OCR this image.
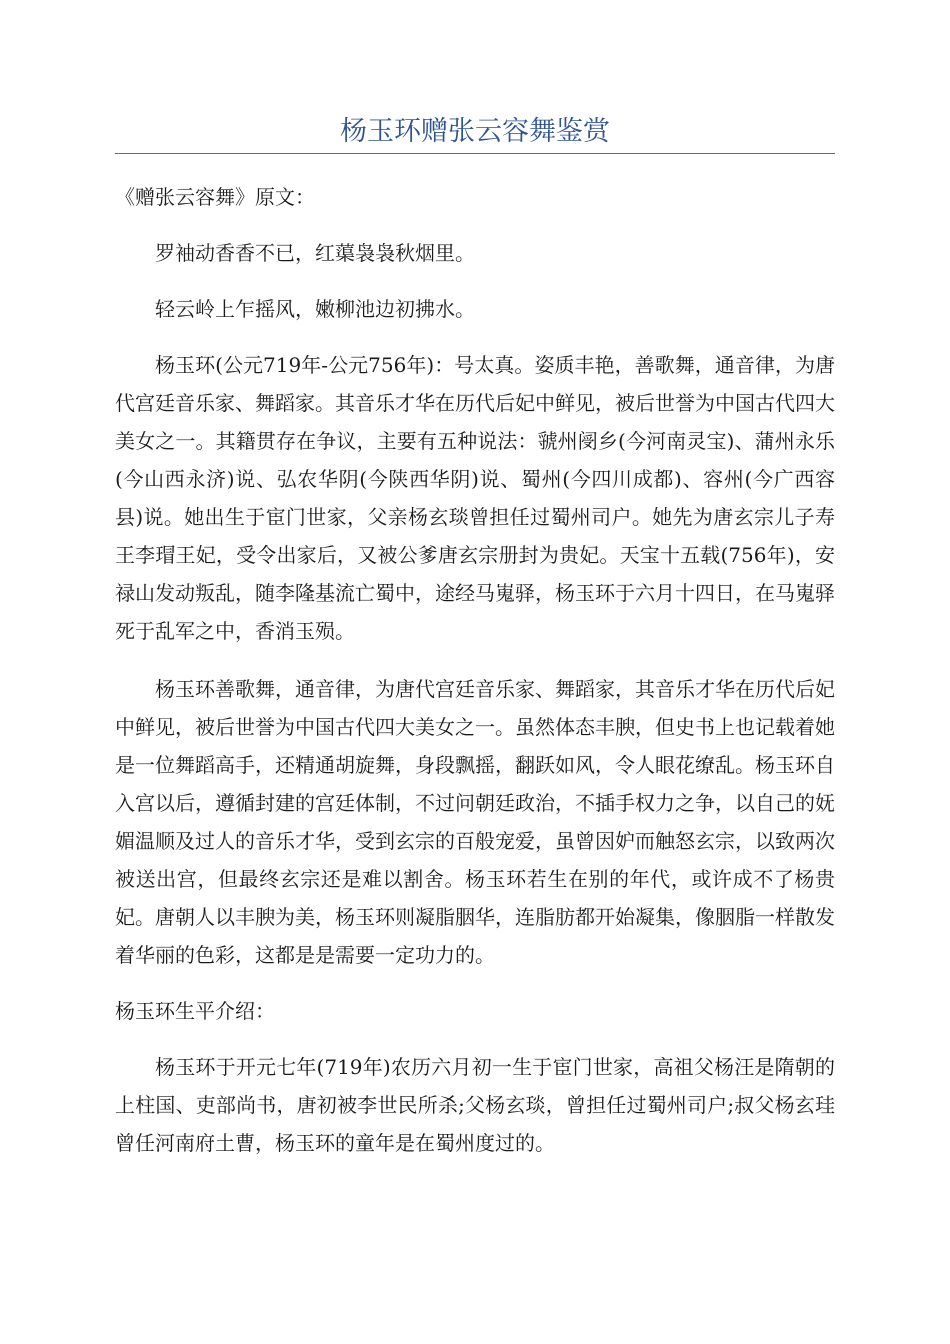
杨玉环赠张云容舞鉴赏

《赠张云容舞》原文：

罗袖动香香不已，红蕖袅袅秋烟里。

轻云岭上乍摇风，嫩柳池边初拂水。

杨玉环(公元719年-公元756年)：号太真。姿质丰艳，善歌舞，通音律，为唐代宫廷音乐家、舞蹈家。其音乐才华在历代后妃中鲜见，被后世誉为中国古代四大美女之一。其籍贯存在争议，主要有五种说法：虢州阌乡(今河南灵宝)、蒲州永乐(今山西永济)说、弘农华阴(今陕西华阴)说、蜀州(今四川成都)、容州(今广西容县)说。她出生于宦门世家，父亲杨玄琰曾担任过蜀州司户。她先为唐玄宗儿子寿王李瑁王妃，受令出家后，又被公爹唐玄宗册封为贵妃。天宝十五载(756年)，安禄山发动叛乱，随李隆基流亡蜀中，途经马嵬驿，杨玉环于六月十四日，在马嵬驿死于乱军之中，香消玉殒。

杨玉环善歌舞，通音律，为唐代宫廷音乐家、舞蹈家，其音乐才华在历代后妃中鲜见，被后世誉为中国古代四大美女之一。虽然体态丰腴，但史书上也记载着她是一位舞蹈高手，还精通胡旋舞，身段飘摇，翻跃如风，令人眼花缭乱。杨玉环自入宫以后，遵循封建的宫廷体制，不过问朝廷政治，不插手权力之争，以自己的妩媚温顺及过人的音乐才华，受到玄宗的百般宠爱，虽曾因妒而触怒玄宗，以致两次被送出宫，但最终玄宗还是难以割舍。杨玉环若生在别的年代，或许成不了杨贵妃。唐朝人以丰腴为美，杨玉环则凝脂胭华，连脂肪都开始凝集，像胭脂一样散发着华丽的色彩，这都是是需要一定功力的。

杨玉环生平介绍：

杨玉环于开元七年(719年)农历六月初一生于宦门世家，高祖父杨汪是隋朝的上柱国、吏部尚书，唐初被李世民所杀;父杨玄琰，曾担任过蜀州司户;叔父杨玄珪曾任河南府土曹，杨玉环的童年是在蜀州度过的。
